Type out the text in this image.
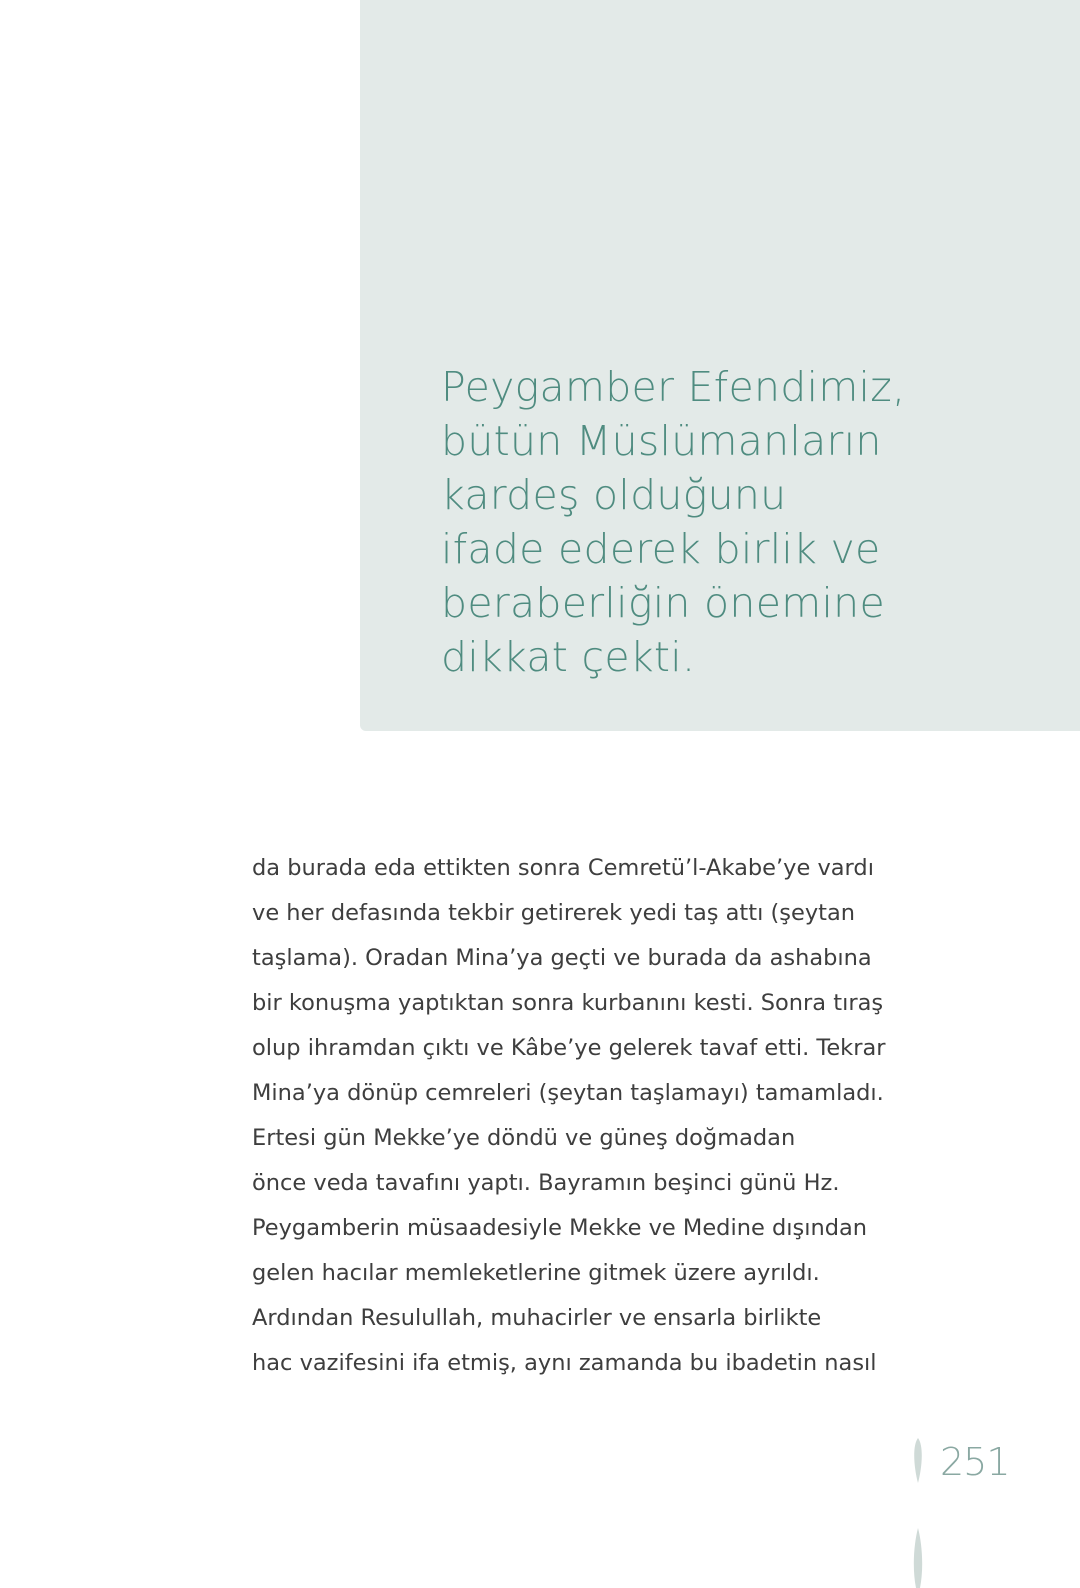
Peygamber Efendimiz,
bütün Müslümanların
kardeş olduğunu
ifade ederek birlik ve
beraberliğin önemine
dikkat çekti.

da burada eda ettikten sonra Cemretü’l-Akabe’ye vardı
ve her defasında tekbir getirerek yedi taş attı (şeytan
taşlama). Oradan Mina’ya geçti ve burada da ashabına
bir konuşma yaptıktan sonra kurbanını kesti. Sonra tıraş
olup ihramdan çıktı ve Kâbe’ye gelerek tavaf etti. Tekrar
Mina’ya dönüp cemreleri (şeytan taşlamayı) tamamladı.
Ertesi gün Mekke’ye döndü ve güneş doğmadan
önce veda tavafını yaptı. Bayramın beşinci günü Hz.
Peygamberin müsaadesiyle Mekke ve Medine dışından
gelen hacılar memleketlerine gitmek üzere ayrıldı.
Ardından Resulullah, muhacirler ve ensarla birlikte
hac vazifesini ifa etmiş, aynı zamanda bu ibadetin nasıl

251
